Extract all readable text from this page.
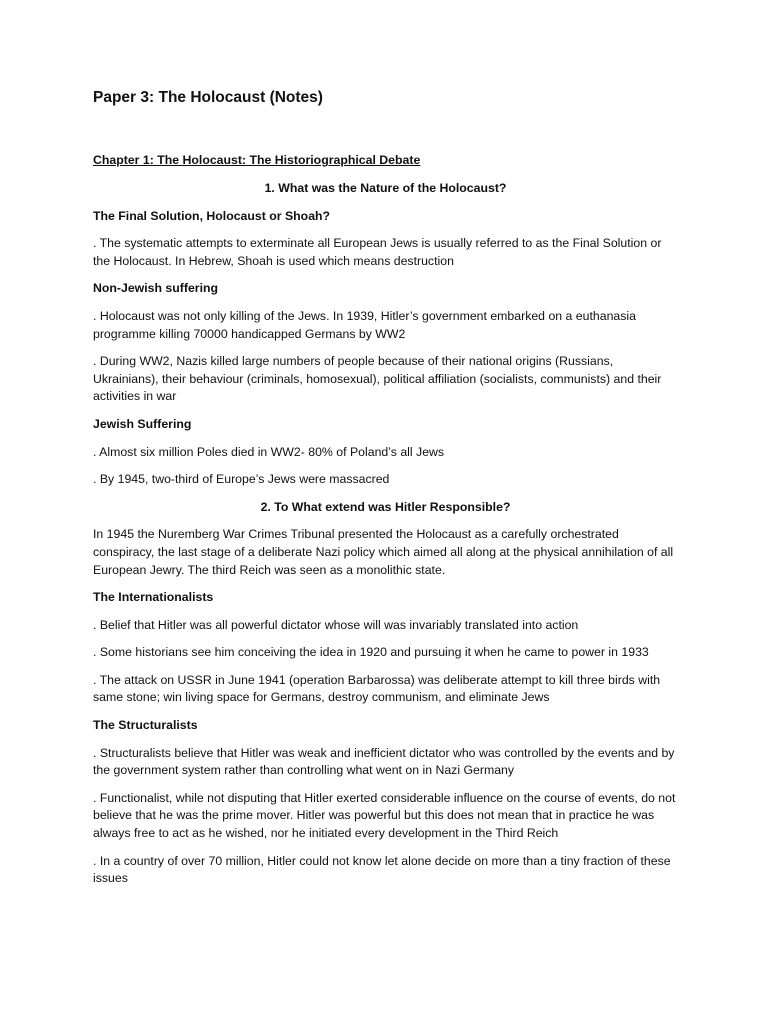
Paper 3: The Holocaust (Notes)
Chapter 1: The Holocaust: The Historiographical Debate
1. What was the Nature of the Holocaust?
The Final Solution, Holocaust or Shoah?

. The systematic attempts to exterminate all European Jews is usually referred to as the Final Solution or the Holocaust. In Hebrew, Shoah is used which means destruction

Non-Jewish suffering

. Holocaust was not only killing of the Jews. In 1939, Hitler’s government embarked on a euthanasia programme killing 70000 handicapped Germans by WW2

. During WW2, Nazis killed large numbers of people because of their national origins (Russians, Ukrainians), their behaviour (criminals, homosexual), political affiliation (socialists, communists) and their activities in war

Jewish Suffering

. Almost six million Poles died in WW2- 80% of Poland’s all Jews

. By 1945, two-third of Europe’s Jews were massacred

2. To What extend was Hitler Responsible?

In 1945 the Nuremberg War Crimes Tribunal presented the Holocaust as a carefully orchestrated conspiracy, the last stage of a deliberate Nazi policy which aimed all along at the physical annihilation of all European Jewry. The third Reich was seen as a monolithic state.

The Internationalists

. Belief that Hitler was all powerful dictator whose will was invariably translated into action

. Some historians see him conceiving the idea in 1920 and pursuing it when he came to power in 1933

. The attack on USSR in June 1941 (operation Barbarossa) was deliberate attempt to kill three birds with same stone; win living space for Germans, destroy communism, and eliminate Jews

The Structuralists

. Structuralists believe that Hitler was weak and inefficient dictator who was controlled by the events and by the government system rather than controlling what went on in Nazi Germany

. Functionalist, while not disputing that Hitler exerted considerable influence on the course of events, do not believe that he was the prime mover. Hitler was powerful but this does not mean that in practice he was always free to act as he wished, nor he initiated every development in the Third Reich

. In a country of over 70 million, Hitler could not know let alone decide on more than a tiny fraction of these issues
